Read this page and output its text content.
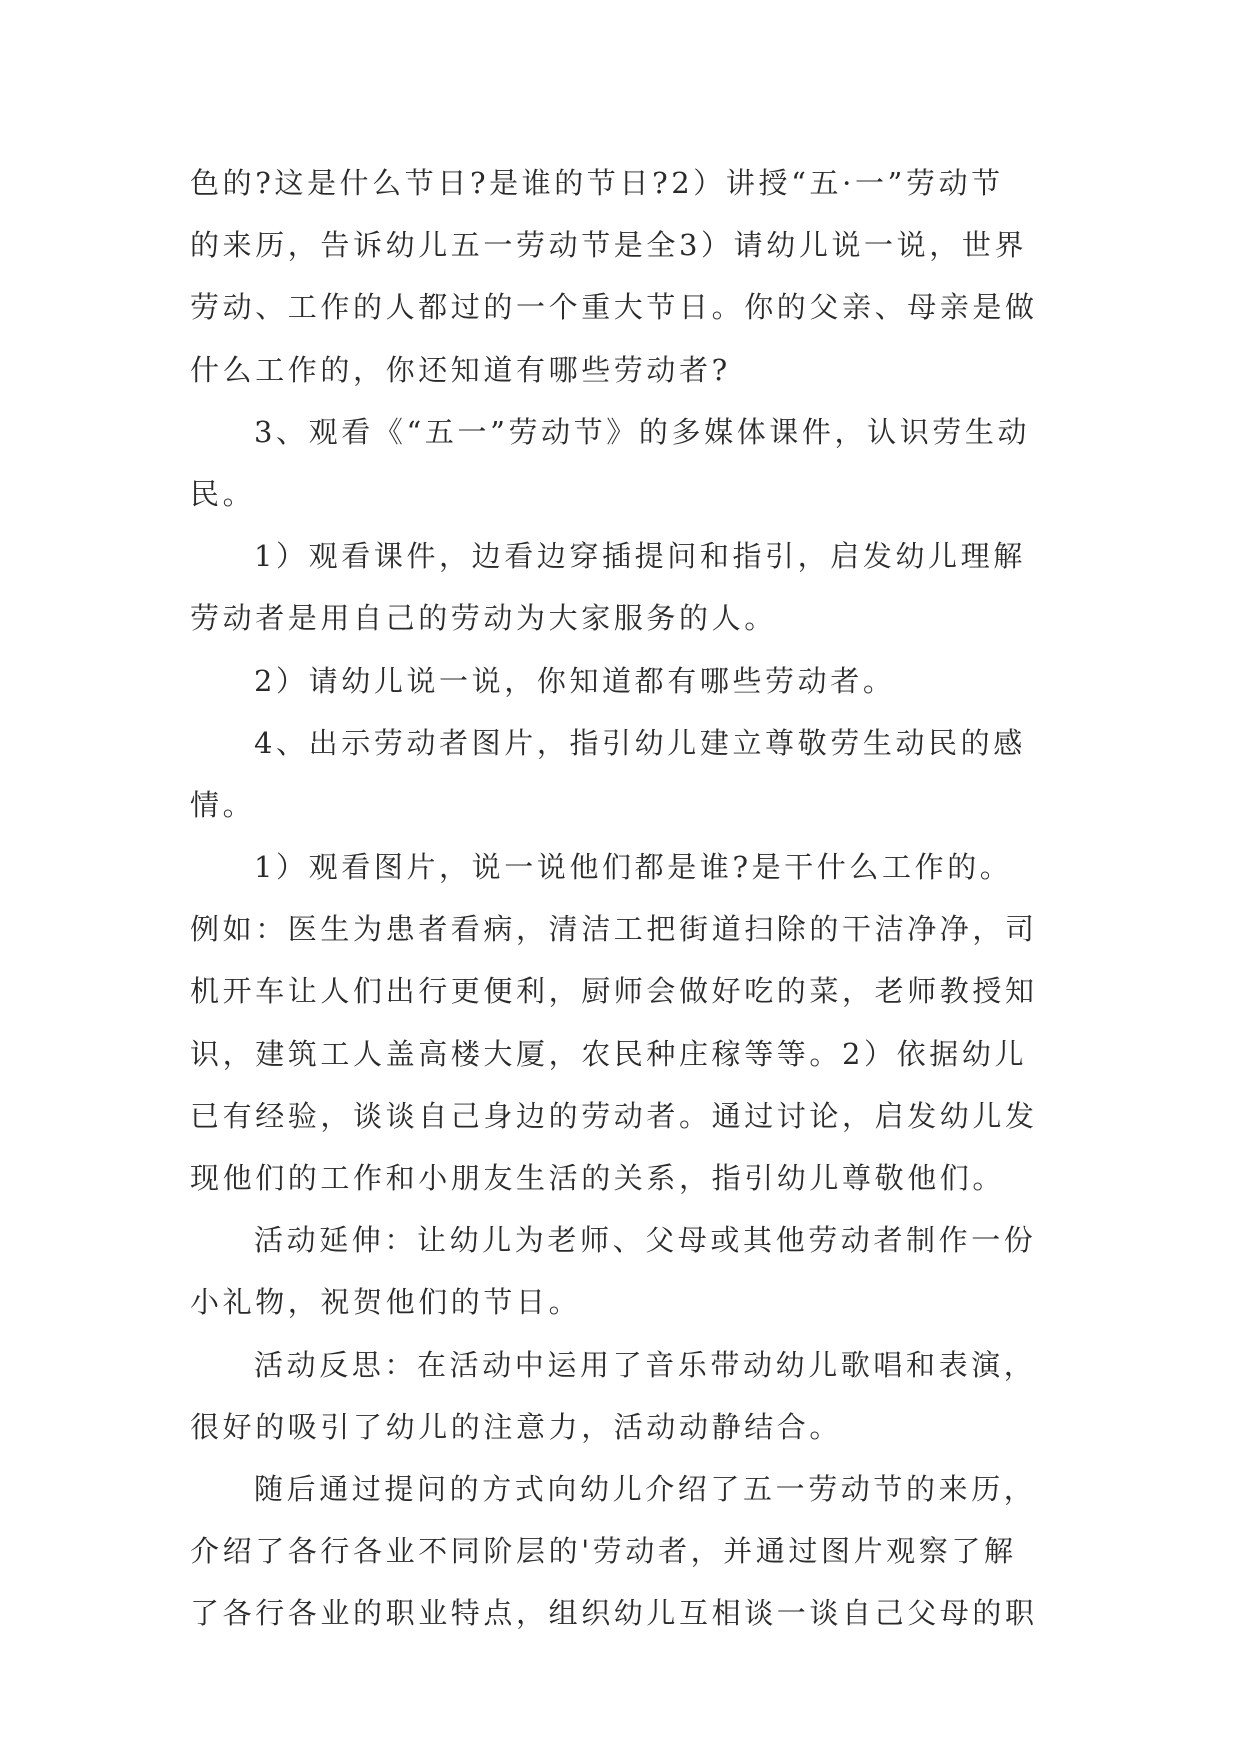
色的?这是什么节日?是谁的节日?2）讲授“五·一”劳动节
的来历，告诉幼儿五一劳动节是全3）请幼儿说一说，世界
劳动、工作的人都过的一个重大节日。你的父亲、母亲是做
什么工作的，你还知道有哪些劳动者?
3、观看《“五一”劳动节》的多媒体课件，认识劳生动
民。
1）观看课件，边看边穿插提问和指引，启发幼儿理解
劳动者是用自己的劳动为大家服务的人。
2）请幼儿说一说，你知道都有哪些劳动者。
4、出示劳动者图片，指引幼儿建立尊敬劳生动民的感
情。
1）观看图片，说一说他们都是谁?是干什么工作的。
例如：医生为患者看病，清洁工把街道扫除的干洁净净，司
机开车让人们出行更便利，厨师会做好吃的菜，老师教授知
识，建筑工人盖高楼大厦，农民种庄稼等等。2）依据幼儿
已有经验，谈谈自己身边的劳动者。通过讨论，启发幼儿发
现他们的工作和小朋友生活的关系，指引幼儿尊敬他们。
活动延伸：让幼儿为老师、父母或其他劳动者制作一份
小礼物，祝贺他们的节日。
活动反思：在活动中运用了音乐带动幼儿歌唱和表演，
很好的吸引了幼儿的注意力，活动动静结合。
随后通过提问的方式向幼儿介绍了五一劳动节的来历，
介绍了各行各业不同阶层的'劳动者，并通过图片观察了解
了各行各业的职业特点，组织幼儿互相谈一谈自己父母的职
